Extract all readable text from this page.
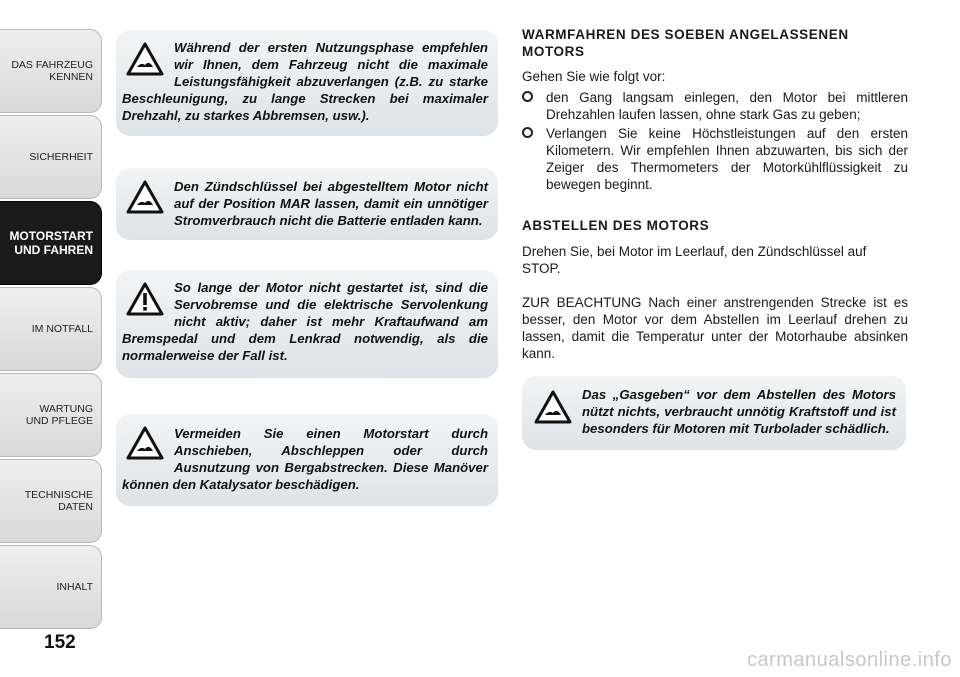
DAS FAHRZEUG
KENNEN
SICHERHEIT
MOTORSTART
UND FAHREN
IM NOTFALL
WARTUNG
UND PFLEGE
TECHNISCHE
DATEN
INHALT
152
Während der ersten Nutzungsphase empfehlen wir Ihnen, dem Fahrzeug nicht die maximale Leistungsfähigkeit abzuverlangen (z.B. zu starke Beschleunigung, zu lange Strecken bei maximaler Drehzahl, zu starkes Abbremsen, usw.).
Den Zündschlüssel bei abgestelltem Motor nicht auf der Position MAR lassen, damit ein unnötiger Stromverbrauch nicht die Batterie entladen kann.
So lange der Motor nicht gestartet ist, sind die Servobremse und die elektrische Servolenkung nicht aktiv; daher ist mehr Kraftaufwand am Bremspedal und dem Lenkrad notwendig, als die normalerweise der Fall ist.
Vermeiden Sie einen Motorstart durch Anschieben, Abschleppen oder durch Ausnutzung von Bergabstrecken. Diese Manöver können den Katalysator beschädigen.
WARMFAHREN DES SOEBEN ANGELASSENEN MOTORS

Gehen Sie wie folgt vor:

den Gang langsam einlegen, den Motor bei mittleren Drehzahlen laufen lassen, ohne stark Gas zu geben;
Verlangen Sie keine Höchstleistungen auf den ersten Kilometern. Wir empfehlen Ihnen abzuwarten, bis sich der Zeiger des Thermometers der Motorkühlflüssigkeit zu bewegen beginnt.
ABSTELLEN DES MOTORS

Drehen Sie, bei Motor im Leerlauf, den Zündschlüssel auf STOP.

ZUR BEACHTUNG Nach einer anstrengenden Strecke ist es besser, den Motor vor dem Abstellen im Leerlauf drehen zu lassen, damit die Temperatur unter der Motorhaube absinken kann.

Das „Gasgeben“ vor dem Abstellen des Motors nützt nichts, verbraucht unnötig Kraftstoff und ist besonders für Motoren mit Turbolader schädlich.
carmanualsonline.info
